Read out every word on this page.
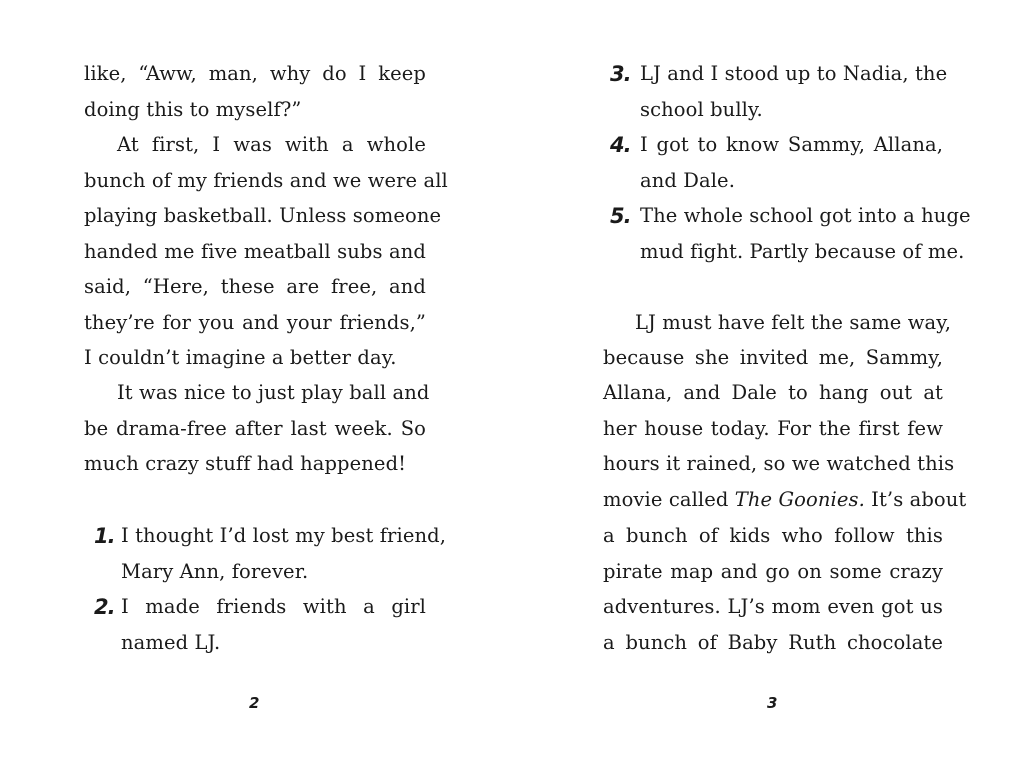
like, “Aww, man, why do I keep
doing this to myself?”
At first, I was with a whole
bunch of my friends and we were all
playing basketball. Unless someone
handed me five meatball subs and
said, “Here, these are free, and
they’re for you and your friends,”
I couldn’t imagine a better day.
It was nice to just play ball and
be drama-free after last week. So
much crazy stuff had happened!
1. I thought I’d lost my best friend,
Mary Ann, forever.
2. I made friends with a girl
named LJ.
2
3. LJ and I stood up to Nadia, the
school bully.
4. I got to know Sammy, Allana,
and Dale.
5. The whole school got into a huge
mud fight. Partly because of me.
LJ must have felt the same way,
because she invited me, Sammy,
Allana, and Dale to hang out at
her house today. For the first few
hours it rained, so we watched this
movie called The Goonies. It’s about
a bunch of kids who follow this
pirate map and go on some crazy
adventures. LJ’s mom even got us
a bunch of Baby Ruth chocolate
3
